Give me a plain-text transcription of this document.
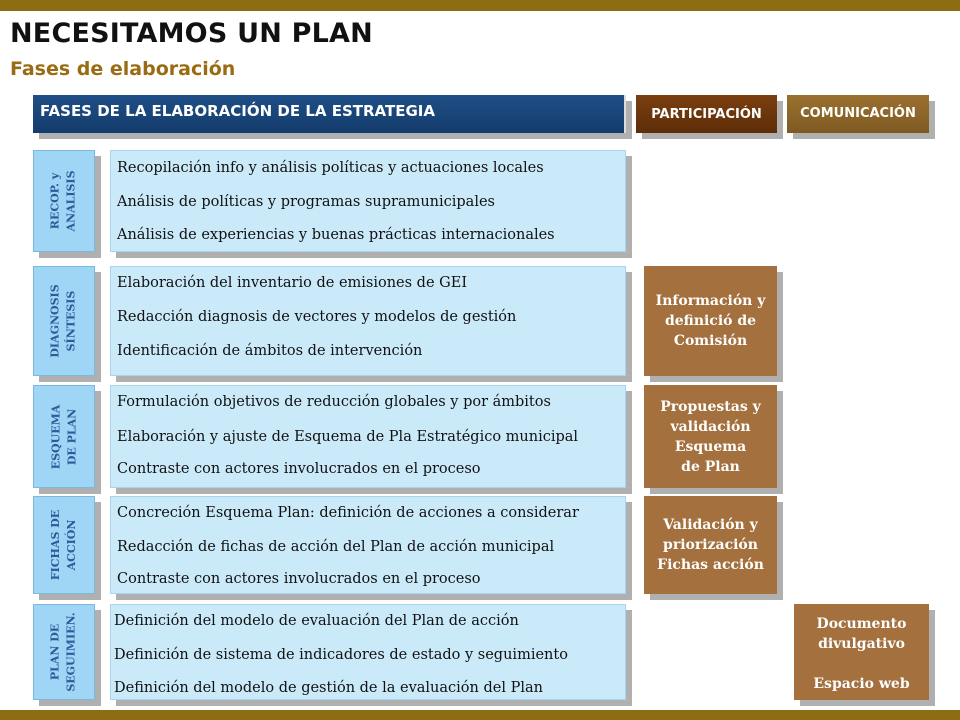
NECESITAMOS UN PLAN
Fases de elaboración
FASES DE LA ELABORACIÓN DE LA ESTRATEGIA	PARTICIPACIÓN	COMUNICACIÓN
RECOP. y ANALISIS
Recopilación info y análisis políticas y actuaciones locales
Análisis de políticas y programas supramunicipales
Análisis de experiencias y buenas prácticas internacionales
DIAGNOSIS SÍNTESIS
Elaboración del inventario de emisiones de GEI
Redacción diagnosis de vectores y modelos de gestión
Identificación de ámbitos de intervención
ESQUEMA DE PLAN
Formulación objetivos de reducción globales y por ámbitos
Elaboración y ajuste de Esquema de Pla Estratégico municipal
Contraste con actores involucrados en el proceso
FICHAS DE ACCIÓN
Concreción Esquema Plan: definición de acciones a considerar
Redacción de fichas de acción del Plan de acción municipal
Contraste con actores involucrados en el proceso
PLAN DE SEGUIMIEN. Definición del modelo de evaluación del Plan de acción
Definición de sistema de indicadores de estado y seguimiento
Definición del modelo de gestión de la evaluación del Plan
Información y
definició de
Comisión
Propuestas y
validación
Esquema
de Plan
Validación y
priorización
Fichas acción
Documento
divulgativo
Espacio web
